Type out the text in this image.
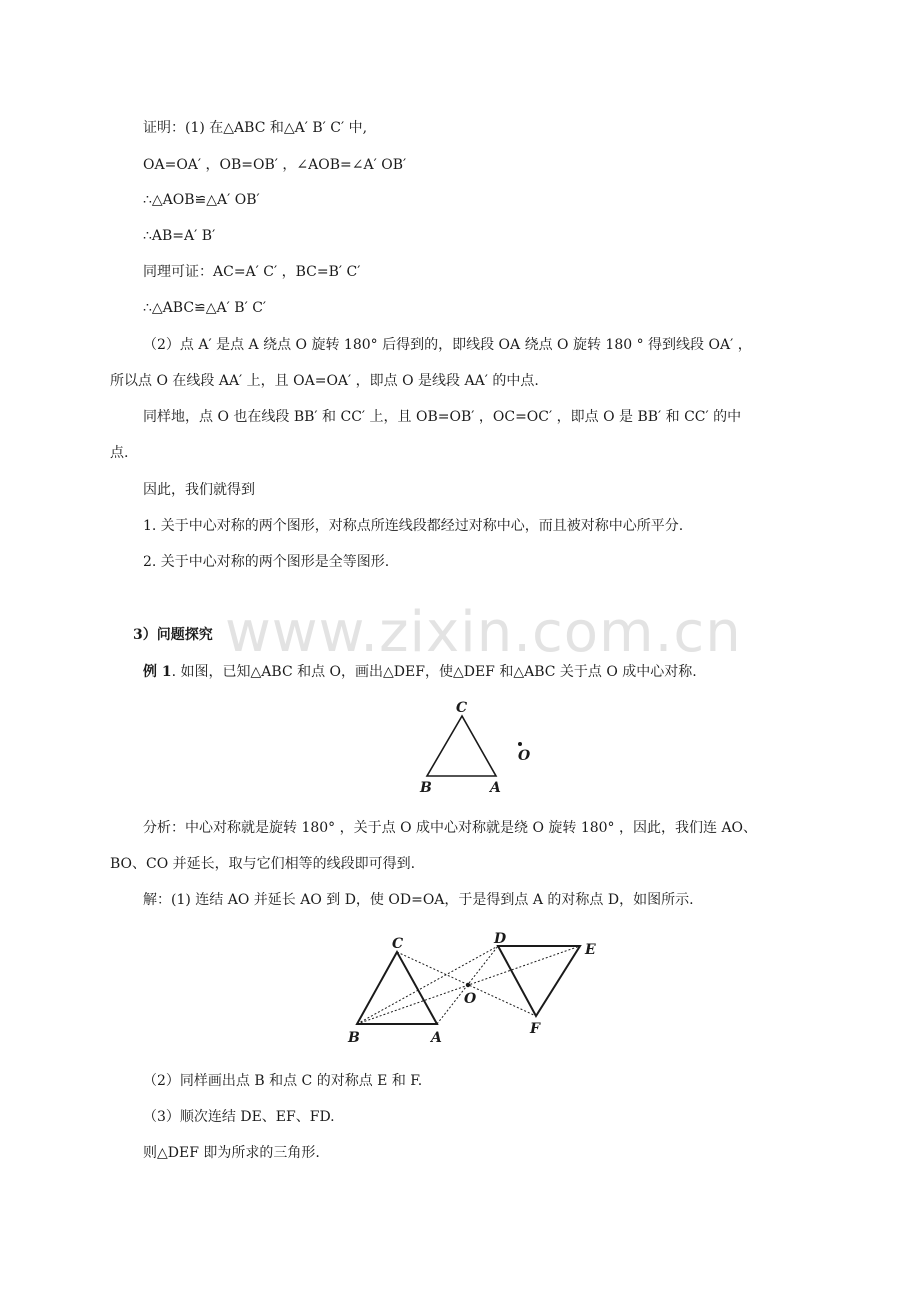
www.zixin.com.cn
证明：(1) 在△ABC 和△A′ B′ C′ 中,
OA=OA′ ，OB=OB′ ，∠AOB=∠A′ OB′
∴△AOB≌△A′ OB′
∴AB=A′ B′
同理可证：AC=A′ C′ ，BC=B′ C′
∴△ABC≌△A′ B′ C′
（2）点 A′ 是点 A 绕点 O 旋转 180° 后得到的，即线段 OA 绕点 O 旋转 180 ° 得到线段 OA′ ，
所以点 O 在线段 AA′ 上，且 OA=OA′ ，即点 O 是线段 AA′ 的中点.
同样地，点 O 也在线段 BB′ 和 CC′ 上，且 OB=OB′ ，OC=OC′ ，即点 O 是 BB′ 和 CC′ 的中
点.
因此，我们就得到
1. 关于中心对称的两个图形，对称点所连线段都经过对称中心，而且被对称中心所平分.
2. 关于中心对称的两个图形是全等图形.
3）问题探究
例 1. 如图，已知△ABC 和点 O，画出△DEF，使△DEF 和△ABC 关于点 O 成中心对称.
C
O
B	A
分析：中心对称就是旋转 180° ，关于点 O 成中心对称就是绕 O 旋转 180° ，因此，我们连 AO、
BO、CO 并延长，取与它们相等的线段即可得到.
解：(1) 连结 AO 并延长 AO 到 D，使 OD=OA，于是得到点 A 的对称点 D，如图所示.
C	D
E
O
B	A
F
（2）同样画出点 B 和点 C 的对称点 E 和 F.
（3）顺次连结 DE、EF、FD.
则△DEF 即为所求的三角形.
